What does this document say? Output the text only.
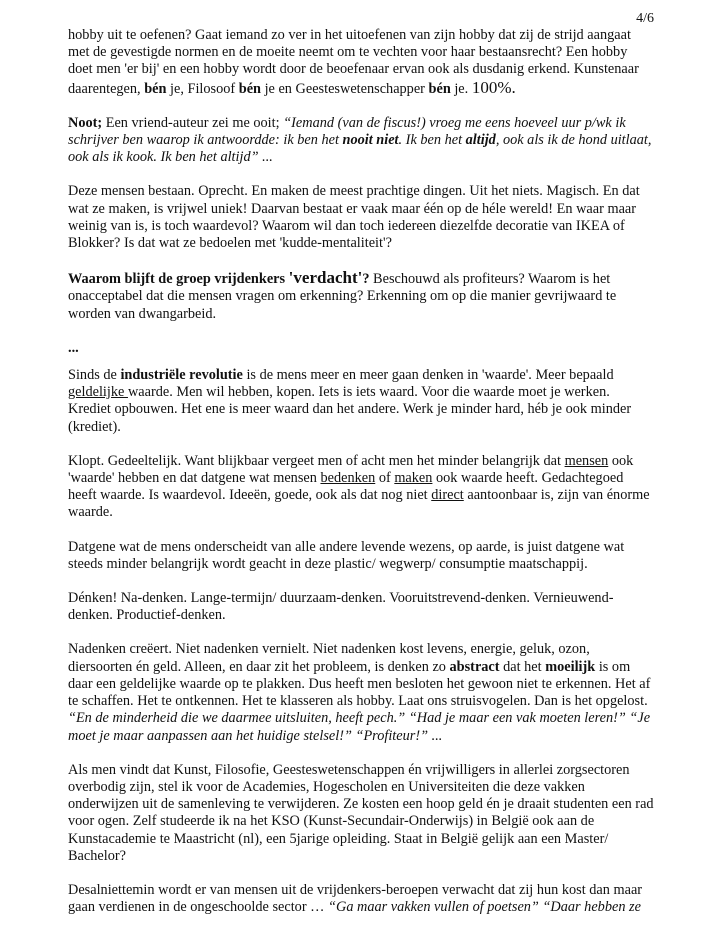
4/6

hobby uit te oefenen? Gaat iemand zo ver in het uitoefenen van zijn hobby dat zij de strijd aangaat met de gevestigde normen en de moeite neemt om te vechten voor haar bestaansrecht? Een hobby doet men 'er bij' en een hobby wordt door de beoefenaar ervan ook als dusdanig erkend. Kunstenaar daarentegen, bén je, Filosoof bén je en Geesteswetenschapper bén je. 100%.

Noot; Een vriend-auteur zei me ooit; “Iemand (van de fiscus!) vroeg me eens hoeveel uur p/wk ik schrijver ben waarop ik antwoordde: ik ben het nooit niet. Ik ben het altijd, ook als ik de hond uitlaat, ook als ik kook. Ik ben het altijd” ...

Deze mensen bestaan. Oprecht. En maken de meest prachtige dingen. Uit het niets. Magisch. En dat wat ze maken, is vrijwel uniek! Daarvan bestaat er vaak maar één op de héle wereld! En waar maar weinig van is, is toch waardevol? Waarom wil dan toch iedereen diezelfde decoratie van IKEA of Blokker? Is dat wat ze bedoelen met 'kudde-mentaliteit'?

Waarom blijft de groep vrijdenkers 'verdacht'? Beschouwd als profiteurs? Waarom is het onacceptabel dat die mensen vragen om erkenning? Erkenning om op die manier gevrijwaard te worden van dwangarbeid.

...

Sinds de industriële revolutie is de mens meer en meer gaan denken in 'waarde'. Meer bepaald geldelijke waarde. Men wil hebben, kopen. Iets is iets waard. Voor die waarde moet je werken. Krediet opbouwen. Het ene is meer waard dan het andere. Werk je minder hard, héb je ook minder (krediet).

Klopt. Gedeeltelijk. Want blijkbaar vergeet men of acht men het minder belangrijk dat mensen ook 'waarde' hebben en dat datgene wat mensen bedenken of maken ook waarde heeft. Gedachtegoed heeft waarde. Is waardevol. Ideeën, goede, ook als dat nog niet direct aantoonbaar is, zijn van énorme waarde.

Datgene wat de mens onderscheidt van alle andere levende wezens, op aarde, is juist datgene wat steeds minder belangrijk wordt geacht in deze plastic/ wegwerp/ consumptie maatschappij.

Dénken! Na-denken. Lange-termijn/ duurzaam-denken. Vooruitstrevend-denken. Vernieuwend-denken. Productief-denken.

Nadenken creëert. Niet nadenken vernielt. Niet nadenken kost levens, energie, geluk, ozon, diersoorten én geld. Alleen, en daar zit het probleem, is denken zo abstract dat het moeilijk is om daar een geldelijke waarde op te plakken. Dus heeft men besloten het gewoon niet te erkennen. Het af te schaffen. Het te ontkennen. Het te klasseren als hobby. Laat ons struisvogelen. Dan is het opgelost. “En de minderheid die we daarmee uitsluiten, heeft pech.” “Had je maar een vak moeten leren!” “Je moet je maar aanpassen aan het huidige stelsel!” “Profiteur!” ...

Als men vindt dat Kunst, Filosofie, Geesteswetenschappen én vrijwilligers in allerlei zorgsectoren overbodig zijn, stel ik voor de Academies, Hogescholen en Universiteiten die deze vakken onderwijzen uit de samenleving te verwijderen. Ze kosten een hoop geld én je draait studenten een rad voor ogen. Zelf studeerde ik na het KSO (Kunst-Secundair-Onderwijs) in België ook aan de Kunstacademie te Maastricht (nl), een 5jarige opleiding. Staat in België gelijk aan een Master/ Bachelor?

Desalniettemin wordt er van mensen uit de vrijdenkers-beroepen verwacht dat zij hun kost dan maar gaan verdienen in de ongeschoolde sector … “Ga maar vakken vullen of poetsen” “Daar hebben ze
